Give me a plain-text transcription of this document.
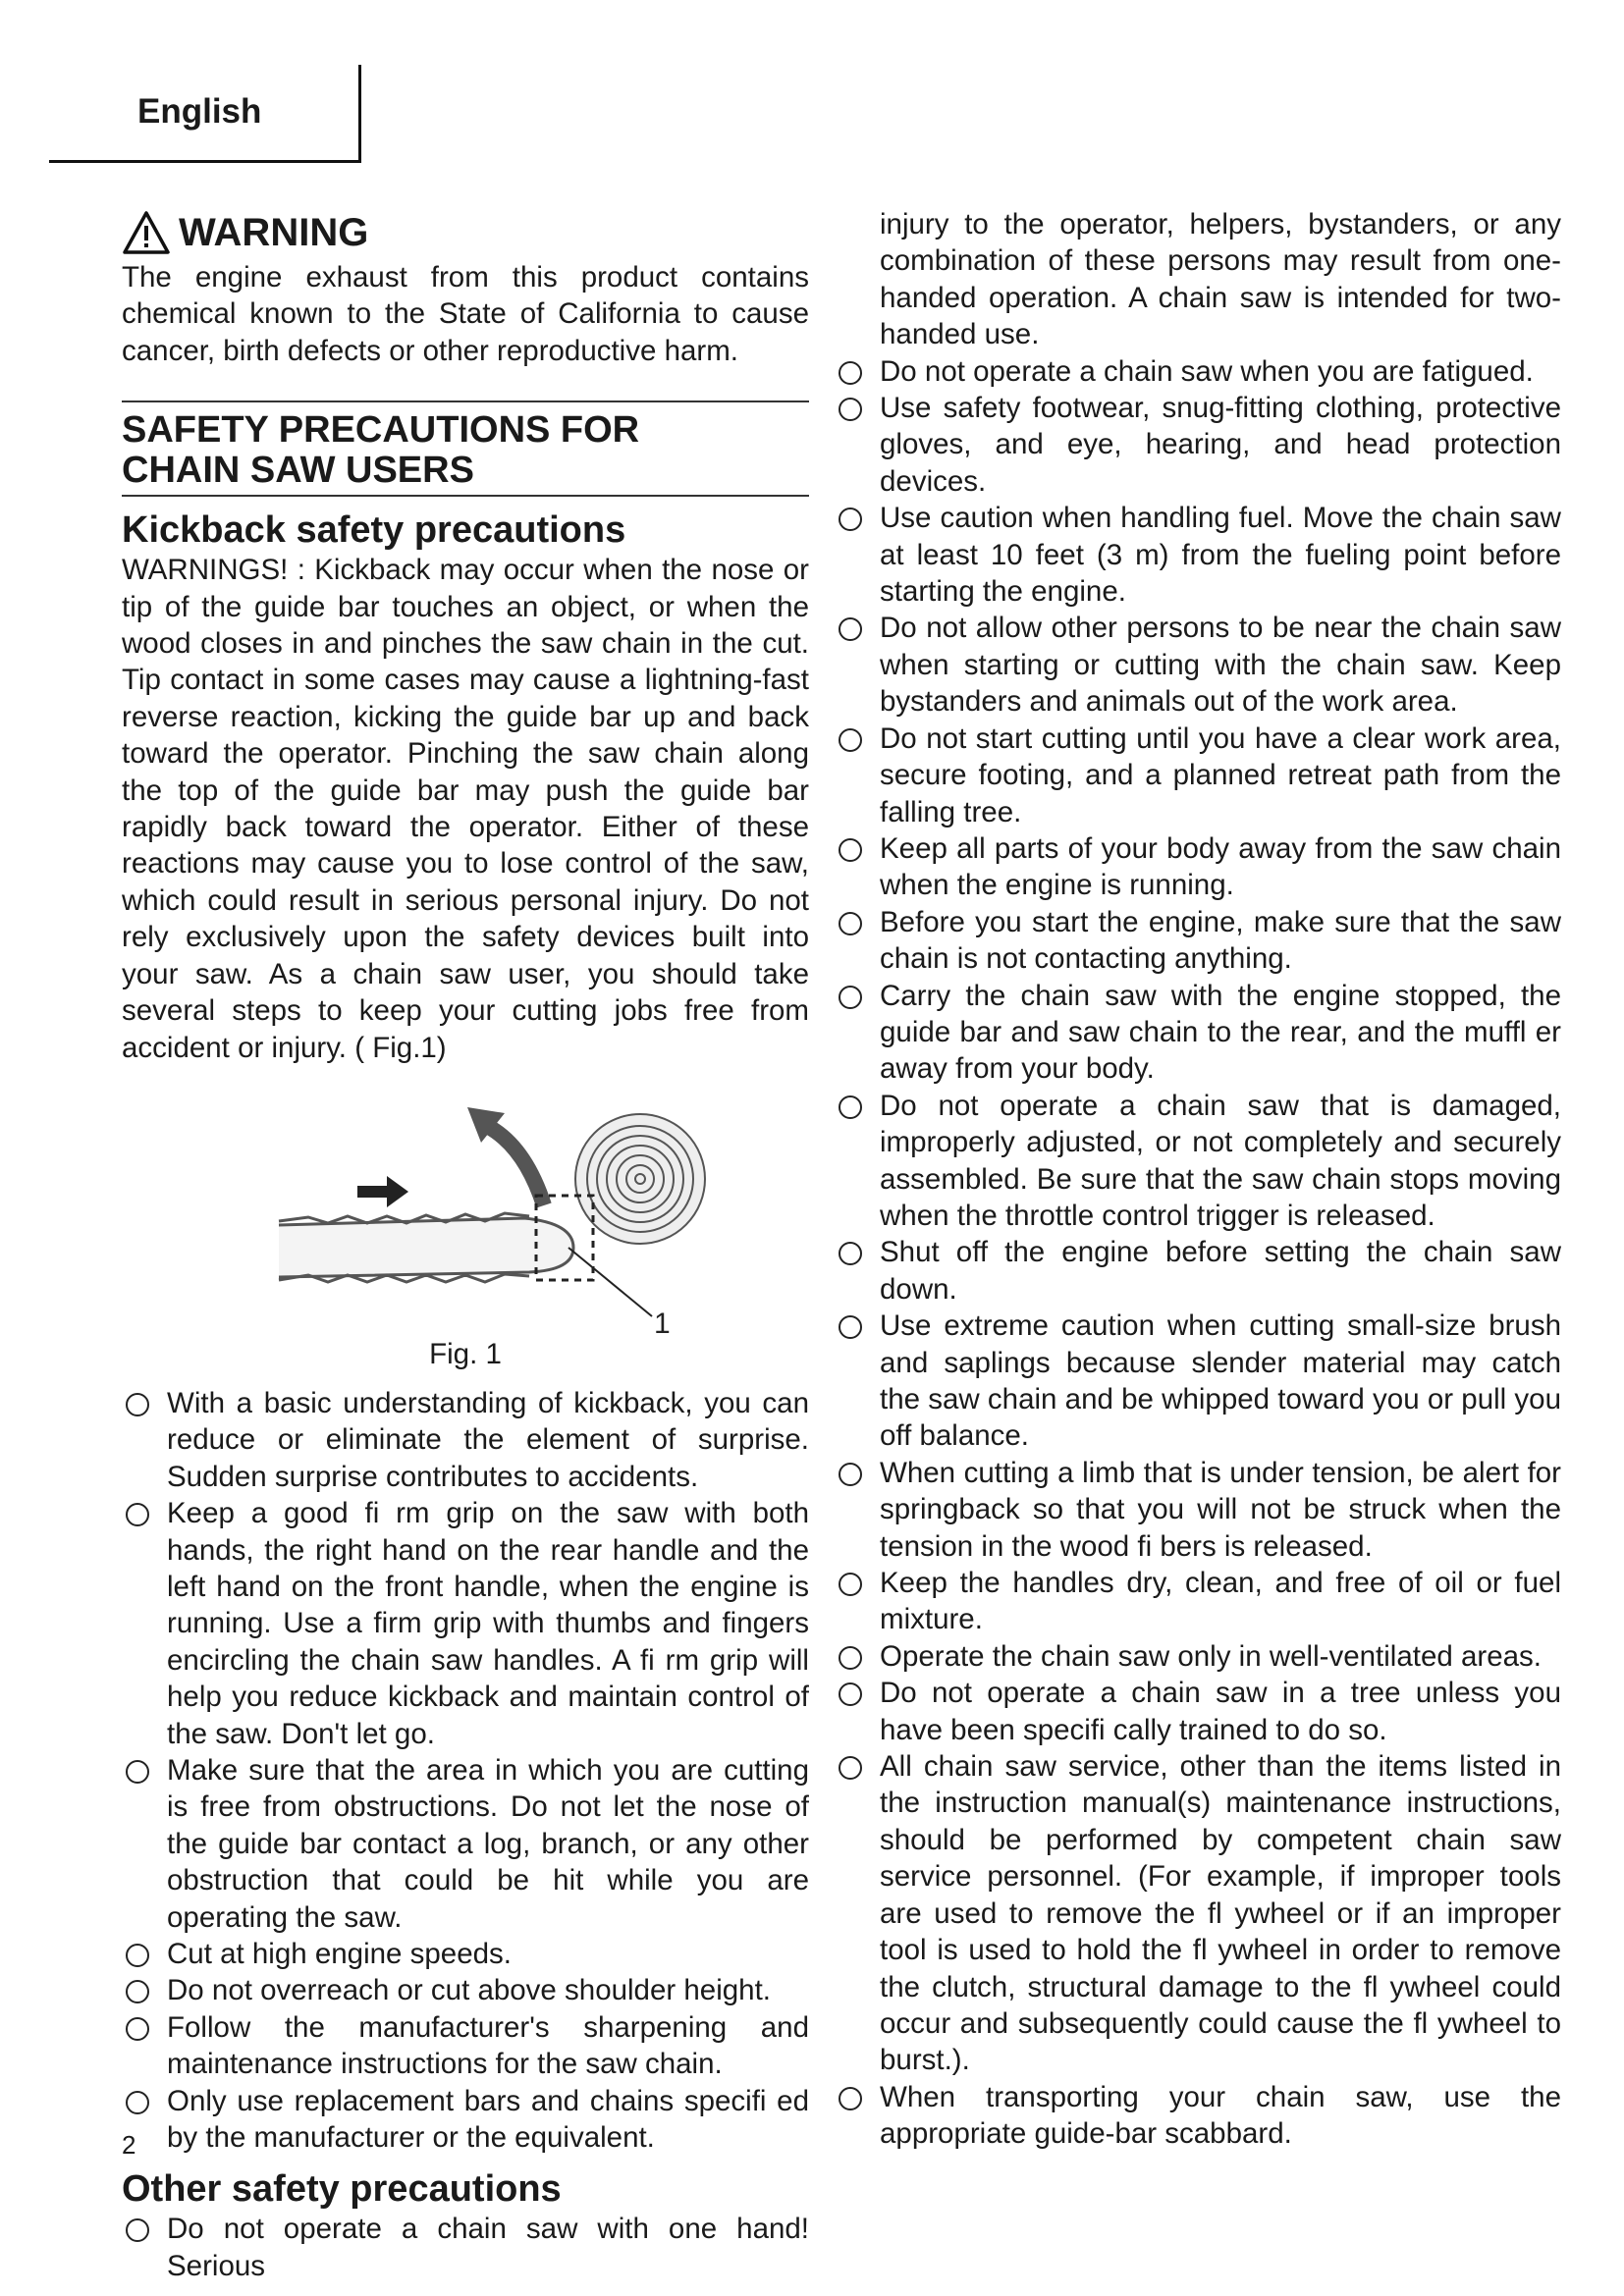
English
WARNING

The engine exhaust from this product contains chemical known to the State of California to cause cancer, birth defects or other reproductive harm.

SAFETY PRECAUTIONS FOR
CHAIN SAW USERS
Kickback safety precautions

WARNINGS! : Kickback may occur when the nose or tip of the guide bar touches an object, or when the wood closes in and pinches the saw chain in the cut. Tip contact in some cases may cause a lightning-fast reverse reaction, kicking the guide bar up and back toward the operator. Pinching the saw chain along the top of the guide bar may push the guide bar rapidly back toward the operator. Either of these reactions may cause you to lose control of the saw, which could result in serious personal injury. Do not rely exclusively upon the safety devices built into your saw. As a chain saw user, you should take several steps to keep your cutting jobs free from accident or injury. ( Fig.1)

1
Fig. 1
With a basic understanding of kickback, you can reduce or eliminate the element of surprise. Sudden surprise contributes to accidents.
Keep a good fi rm grip on the saw with both hands, the right hand on the rear handle and the left hand on the front handle, when the engine is running. Use a firm grip with thumbs and fingers encircling the chain saw handles. A fi rm grip will help you reduce kickback and maintain control of the saw. Don't let go.
Make sure that the area in which you are cutting is free from obstructions. Do not let the nose of the guide bar contact a log, branch, or any other obstruction that could be hit while you are operating the saw.
Cut at high engine speeds.
Do not overreach or cut above shoulder height.
Follow the manufacturer's sharpening and maintenance instructions for the saw chain.
Only use replacement bars and chains specifi ed by the manufacturer or the equivalent.
Other safety precautions
Do not operate a chain saw with one hand! Serious

injury to the operator, helpers, bystanders, or any combination of these persons may result from one-handed operation. A chain saw is intended for two-handed use.

Do not operate a chain saw when you are fatigued.
Use safety footwear, snug-fitting clothing, protective gloves, and eye, hearing, and head protection devices.
Use caution when handling fuel. Move the chain saw at least 10 feet (3 m) from the fueling point before starting the engine.
Do not allow other persons to be near the chain saw when starting or cutting with the chain saw. Keep bystanders and animals out of the work area.
Do not start cutting until you have a clear work area, secure footing, and a planned retreat path from the falling tree.
Keep all parts of your body away from the saw chain when the engine is running.
Before you start the engine, make sure that the saw chain is not contacting anything.
Carry the chain saw with the engine stopped, the guide bar and saw chain to the rear, and the muffl er away from your body.
Do not operate a chain saw that is damaged, improperly adjusted, or not completely and securely assembled. Be sure that the saw chain stops moving when the throttle control trigger is released.
Shut off the engine before setting the chain saw down.
Use extreme caution when cutting small-size brush and saplings because slender material may catch the saw chain and be whipped toward you or pull you off balance.
When cutting a limb that is under tension, be alert for springback so that you will not be struck when the tension in the wood fi bers is released.
Keep the handles dry, clean, and free of oil or fuel mixture.
Operate the chain saw only in well-ventilated areas.
Do not operate a chain saw in a tree unless you have been specifi cally trained to do so.
All chain saw service, other than the items listed in the instruction manual(s) maintenance instructions, should be performed by competent chain saw service personnel. (For example, if improper tools are used to remove the fl ywheel or if an improper tool is used to hold the fl ywheel in order to remove the clutch, structural damage to the fl ywheel could occur and subsequently could cause the fl ywheel to burst.).
When transporting your chain saw, use the appropriate guide-bar scabbard.
2
